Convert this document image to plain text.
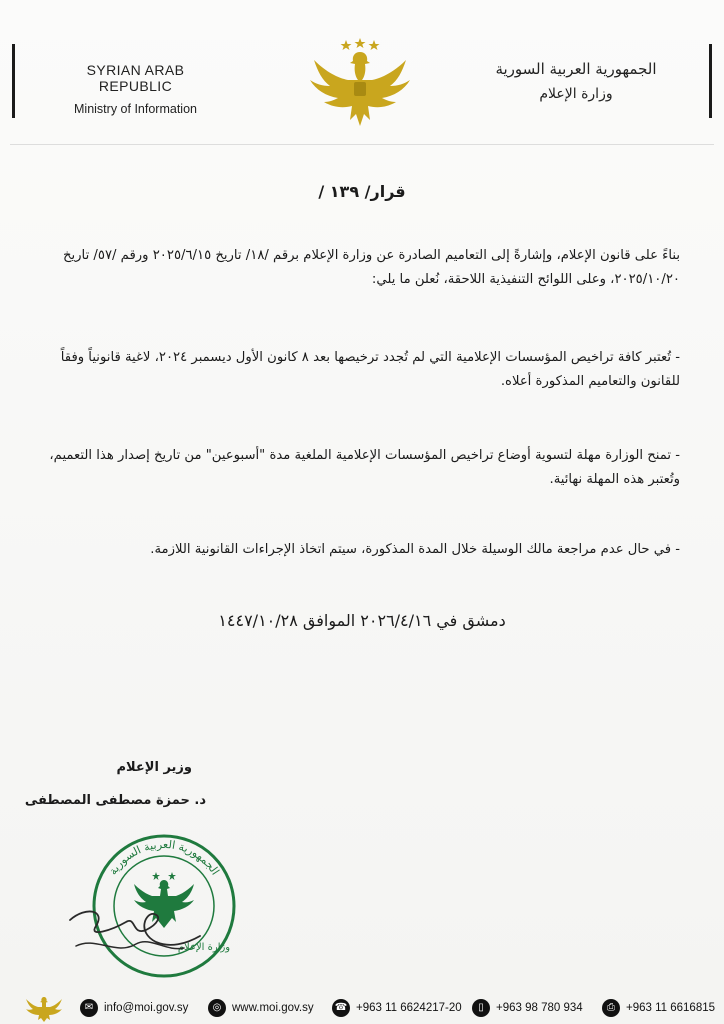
SYRIAN ARAB REPUBLIC
Ministry of Information
الجمهورية العربية السورية
وزارة الإعلام
قرار/ ١٣٩ /
بناءً على قانون الإعلام، وإشارةً إلى التعاميم الصادرة عن وزارة الإعلام برقم /١٨/ تاريخ ٢٠٢٥/٦/١٥ ورقم /٥٧/ تاريخ ٢٠٢٥/١٠/٢٠، وعلى اللوائح التنفيذية اللاحقة، نُعلن ما يلي:
- تُعتبر كافة تراخيص المؤسسات الإعلامية التي لم تُجدد ترخيصها بعد ٨ كانون الأول ديسمبر ٢٠٢٤، لاغية قانونياً وفقاً للقانون والتعاميم المذكورة أعلاه.
- تمنح الوزارة مهلة لتسوية أوضاع تراخيص المؤسسات الإعلامية الملغية مدة "أسبوعين" من تاريخ إصدار هذا التعميم، وتُعتبر هذه المهلة نهائية.
- في حال عدم مراجعة مالك الوسيلة خلال المدة المذكورة، سيتم اتخاذ الإجراءات القانونية اللازمة.
دمشق في ٢٠٢٦/٤/١٦ الموافق ١٤٤٧/١٠/٢٨
وزير الإعلام
د. حمزة مصطفى المصطفى
الجمهورية العربية السورية
وزارة الإعلام
✉ info@moi.gov.sy	◎ www.moi.gov.sy ☎ +963 11 6624217-20	▯	+963 98 780 934	⎙ +963 11 6616815
